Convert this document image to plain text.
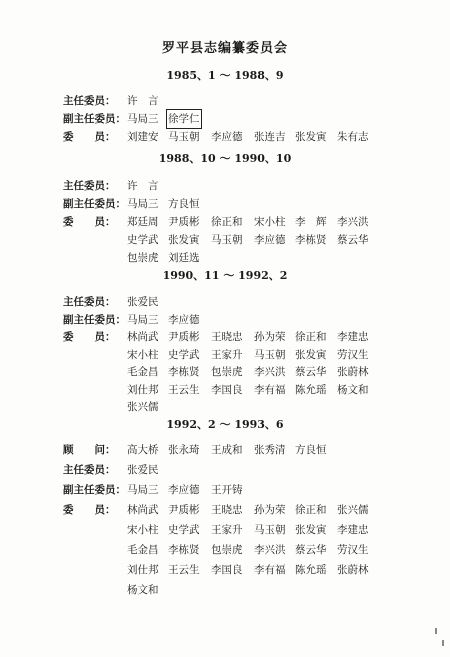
罗平县志编纂委员会
1985、1 ～ 1988、9
主任委员：	许　言
副主任委员： 马局三 徐学仁
委　　员：	刘建安 马玉朝 李应德 张连吉 张发寅 朱有志
1988、10 ～ 1990、10
主任委员：	许　言
副主任委员： 马局三 方良恒
委　　员：	郑廷周 尹质彬 徐正和 宋小柱 李　辉 李兴洪
史学武 张发寅 马玉朝 李应德 李栋贤 蔡云华
包崇虎 刘廷选
1990、11 ～ 1992、2
主任委员：	张爱民
副主任委员： 马局三 李应德
委　　员：	林尚武 尹质彬 王晓忠 孙为荣 徐正和 李建忠
宋小柱 史学武 王家升 马玉朝 张发寅 劳汉生
毛金昌 李栋贤 包崇虎 李兴洪 蔡云华 张蔚林
刘仕邦 王云生 李国良 李有福 陈允瑶 杨文和
张兴儒
1992、2 ～ 1993、6
顾　　问：	高大桥 张永琦 王成和 张秀清 方良恒
主任委员：	张爱民
副主任委员： 马局三 李应德 王开铸
委　　员：	林尚武 尹质彬 王晓忠 孙为荣 徐正和 张兴儒
宋小柱 史学武 王家升 马玉朝 张发寅 李建忠
毛金昌 李栋贤 包崇虎 李兴洪 蔡云华 劳汉生
刘仕邦 王云生 李国良 李有福 陈允瑶 张蔚林
杨文和
